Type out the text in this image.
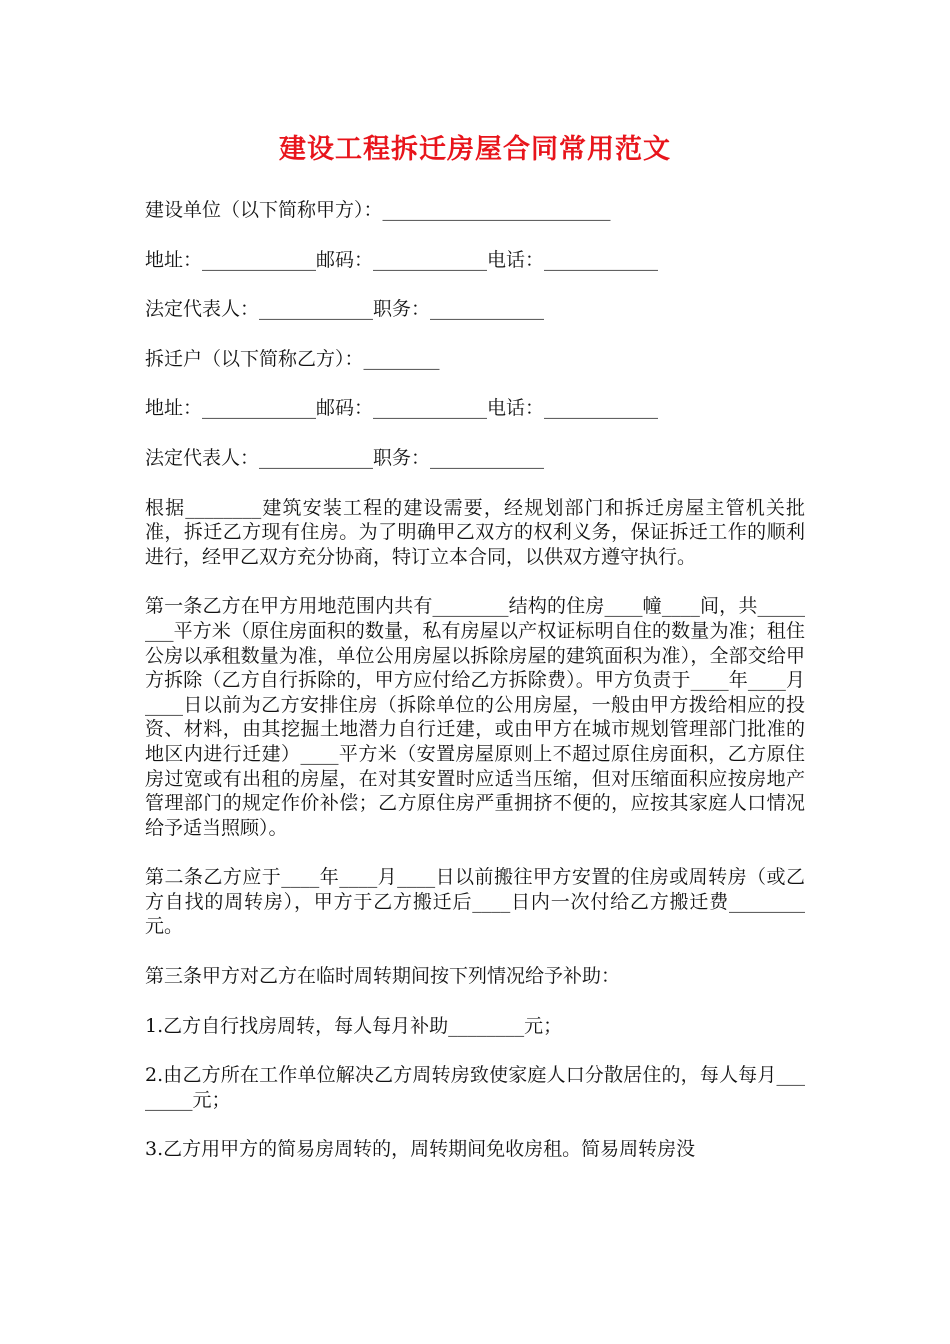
建设工程拆迁房屋合同常用范文
建设单位（以下简称甲方）：________________________
地址：____________邮码：____________电话：____________
法定代表人：____________职务：____________
拆迁户（以下简称乙方）：________
地址：____________邮码：____________电话：____________
法定代表人：____________职务：____________

根据________建筑安装工程的建设需要，经规划部门和拆迁房屋主管机关批准，拆迁乙方现有住房。为了明确甲乙双方的权利义务，保证拆迁工作的顺利进行，经甲乙双方充分协商，特订立本合同，以供双方遵守执行。

第一条乙方在甲方用地范围内共有________结构的住房____幢____间，共________平方米（原住房面积的数量，私有房屋以产权证标明自住的数量为准；租住公房以承租数量为准，单位公用房屋以拆除房屋的建筑面积为准），全部交给甲方拆除（乙方自行拆除的，甲方应付给乙方拆除费）。甲方负责于____年____月____日以前为乙方安排住房（拆除单位的公用房屋，一般由甲方拨给相应的投资、材料，由其挖掘土地潜力自行迁建，或由甲方在城市规划管理部门批准的地区内进行迁建）____平方米（安置房屋原则上不超过原住房面积，乙方原住房过宽或有出租的房屋，在对其安置时应适当压缩，但对压缩面积应按房地产管理部门的规定作价补偿；乙方原住房严重拥挤不便的，应按其家庭人口情况给予适当照顾）。

第二条乙方应于____年____月____日以前搬往甲方安置的住房或周转房（或乙方自找的周转房），甲方于乙方搬迁后____日内一次付给乙方搬迁费________元。

第三条甲方对乙方在临时周转期间按下列情况给予补助：

1.乙方自行找房周转，每人每月补助________元；

2.由乙方所在工作单位解决乙方周转房致使家庭人口分散居住的，每人每月________元；

3.乙方用甲方的简易房周转的，周转期间免收房租。简易周转房没
